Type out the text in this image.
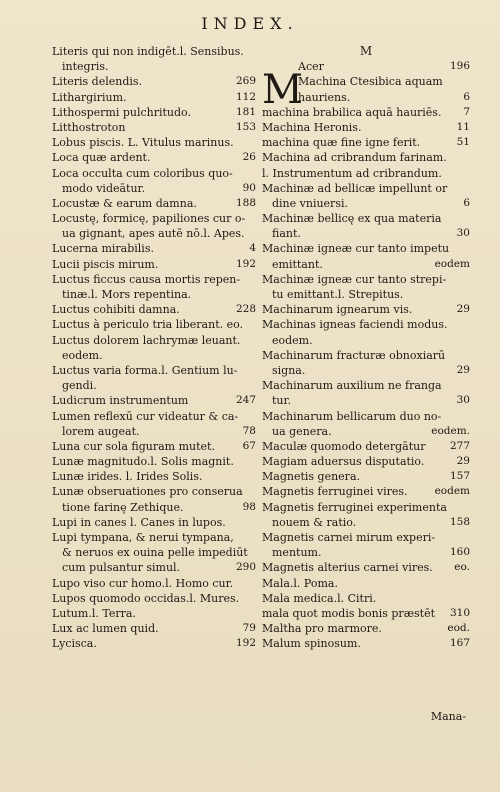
INDEX.
Literis qui non indigēt.l. Sensibus.
integris.
Literis delendis.	269
Lithargirium.	112
Lithospermi pulchritudo.	181
Litthostroton	153
Lobus piscis. L. Vitulus marinus.
Loca quæ ardent.	26
Loca occulta cum coloribus quo-
modo videātur.	90
Locustæ & earum damna.	188
Locustę, formicę, papiliones cur o-
ua gignant, apes autē nō.l. Apes.
Lucerna mirabilis.	4
Lucii piscis mirum.	192
Luctus ficcus causa mortis repen-
tinæ.l. Mors repentina.
Luctus cohibiti damna.	228
Luctus à periculo tria liberant. eo.
Luctus dolorem lachrymæ leuant.
eodem.
Luctus varia forma.l. Gentium lu-
gendi.
Ludicrum instrumentum	247
Lumen reflexū cur videatur & ca-
lorem augeat.	78
Luna cur sola figuram mutet.	67
Lunæ magnitudo.l. Solis magnit.
Lunæ irides. l. Irides Solis.
Lunæ obseruationes pro conserua
tione farinę Zethique.	98
Lupi in canes l. Canes in lupos.
Lupi tympana, & nerui tympana,
& neruos ex ouina pelle impediūt
cum pulsantur simul.	290
Lupo viso cur homo.l. Homo cur.
Lupos quomodo occidas.l. Mures.
Lutum.l. Terra.
Lux ac lumen quid.	79
Lycisca.	192
M
M
Acer	196
Machina Ctesibica aquam
hauriens.	6
machina brabilica aquā hauriēs.	7
Machina Heronis.	11
machina quæ fine igne ferit.	51
Machina ad cribrandum farinam.
l. Instrumentum ad cribrandum.
Machinæ ad bellicæ impellunt or
dine vniuersi.	6
Machinæ bellicę ex qua materia
fiant.	30
Machinæ igneæ cur tanto impetu
emittant.	eodem
Machinæ igneæ cur tanto strepi-
tu emittant.l. Strepitus.
Machinarum ignearum vis.	29
Machinas igneas faciendi modus.
eodem.
Machinarum fracturæ obnoxiarū
signa.	29
Machinarum auxilium ne franga
tur.	30
Machinarum bellicarum duo no-
ua genera.	eodem.
Maculæ quomodo detergātur	277
Magiam aduersus disputatio.	29
Magnetis genera.	157
Magnetis ferruginei vires.	eodem
Magnetis ferruginei experimenta
nouem & ratio.	158
Magnetis carnei mirum experi-
mentum.	160
Magnetis alterius carnei vires.	eo.
Mala.l. Poma.
Mala medica.l. Citri.
mala quot modis bonis præstēt	310
Maltha pro marmore.	eod.
Malum spinosum.	167
Mana-
